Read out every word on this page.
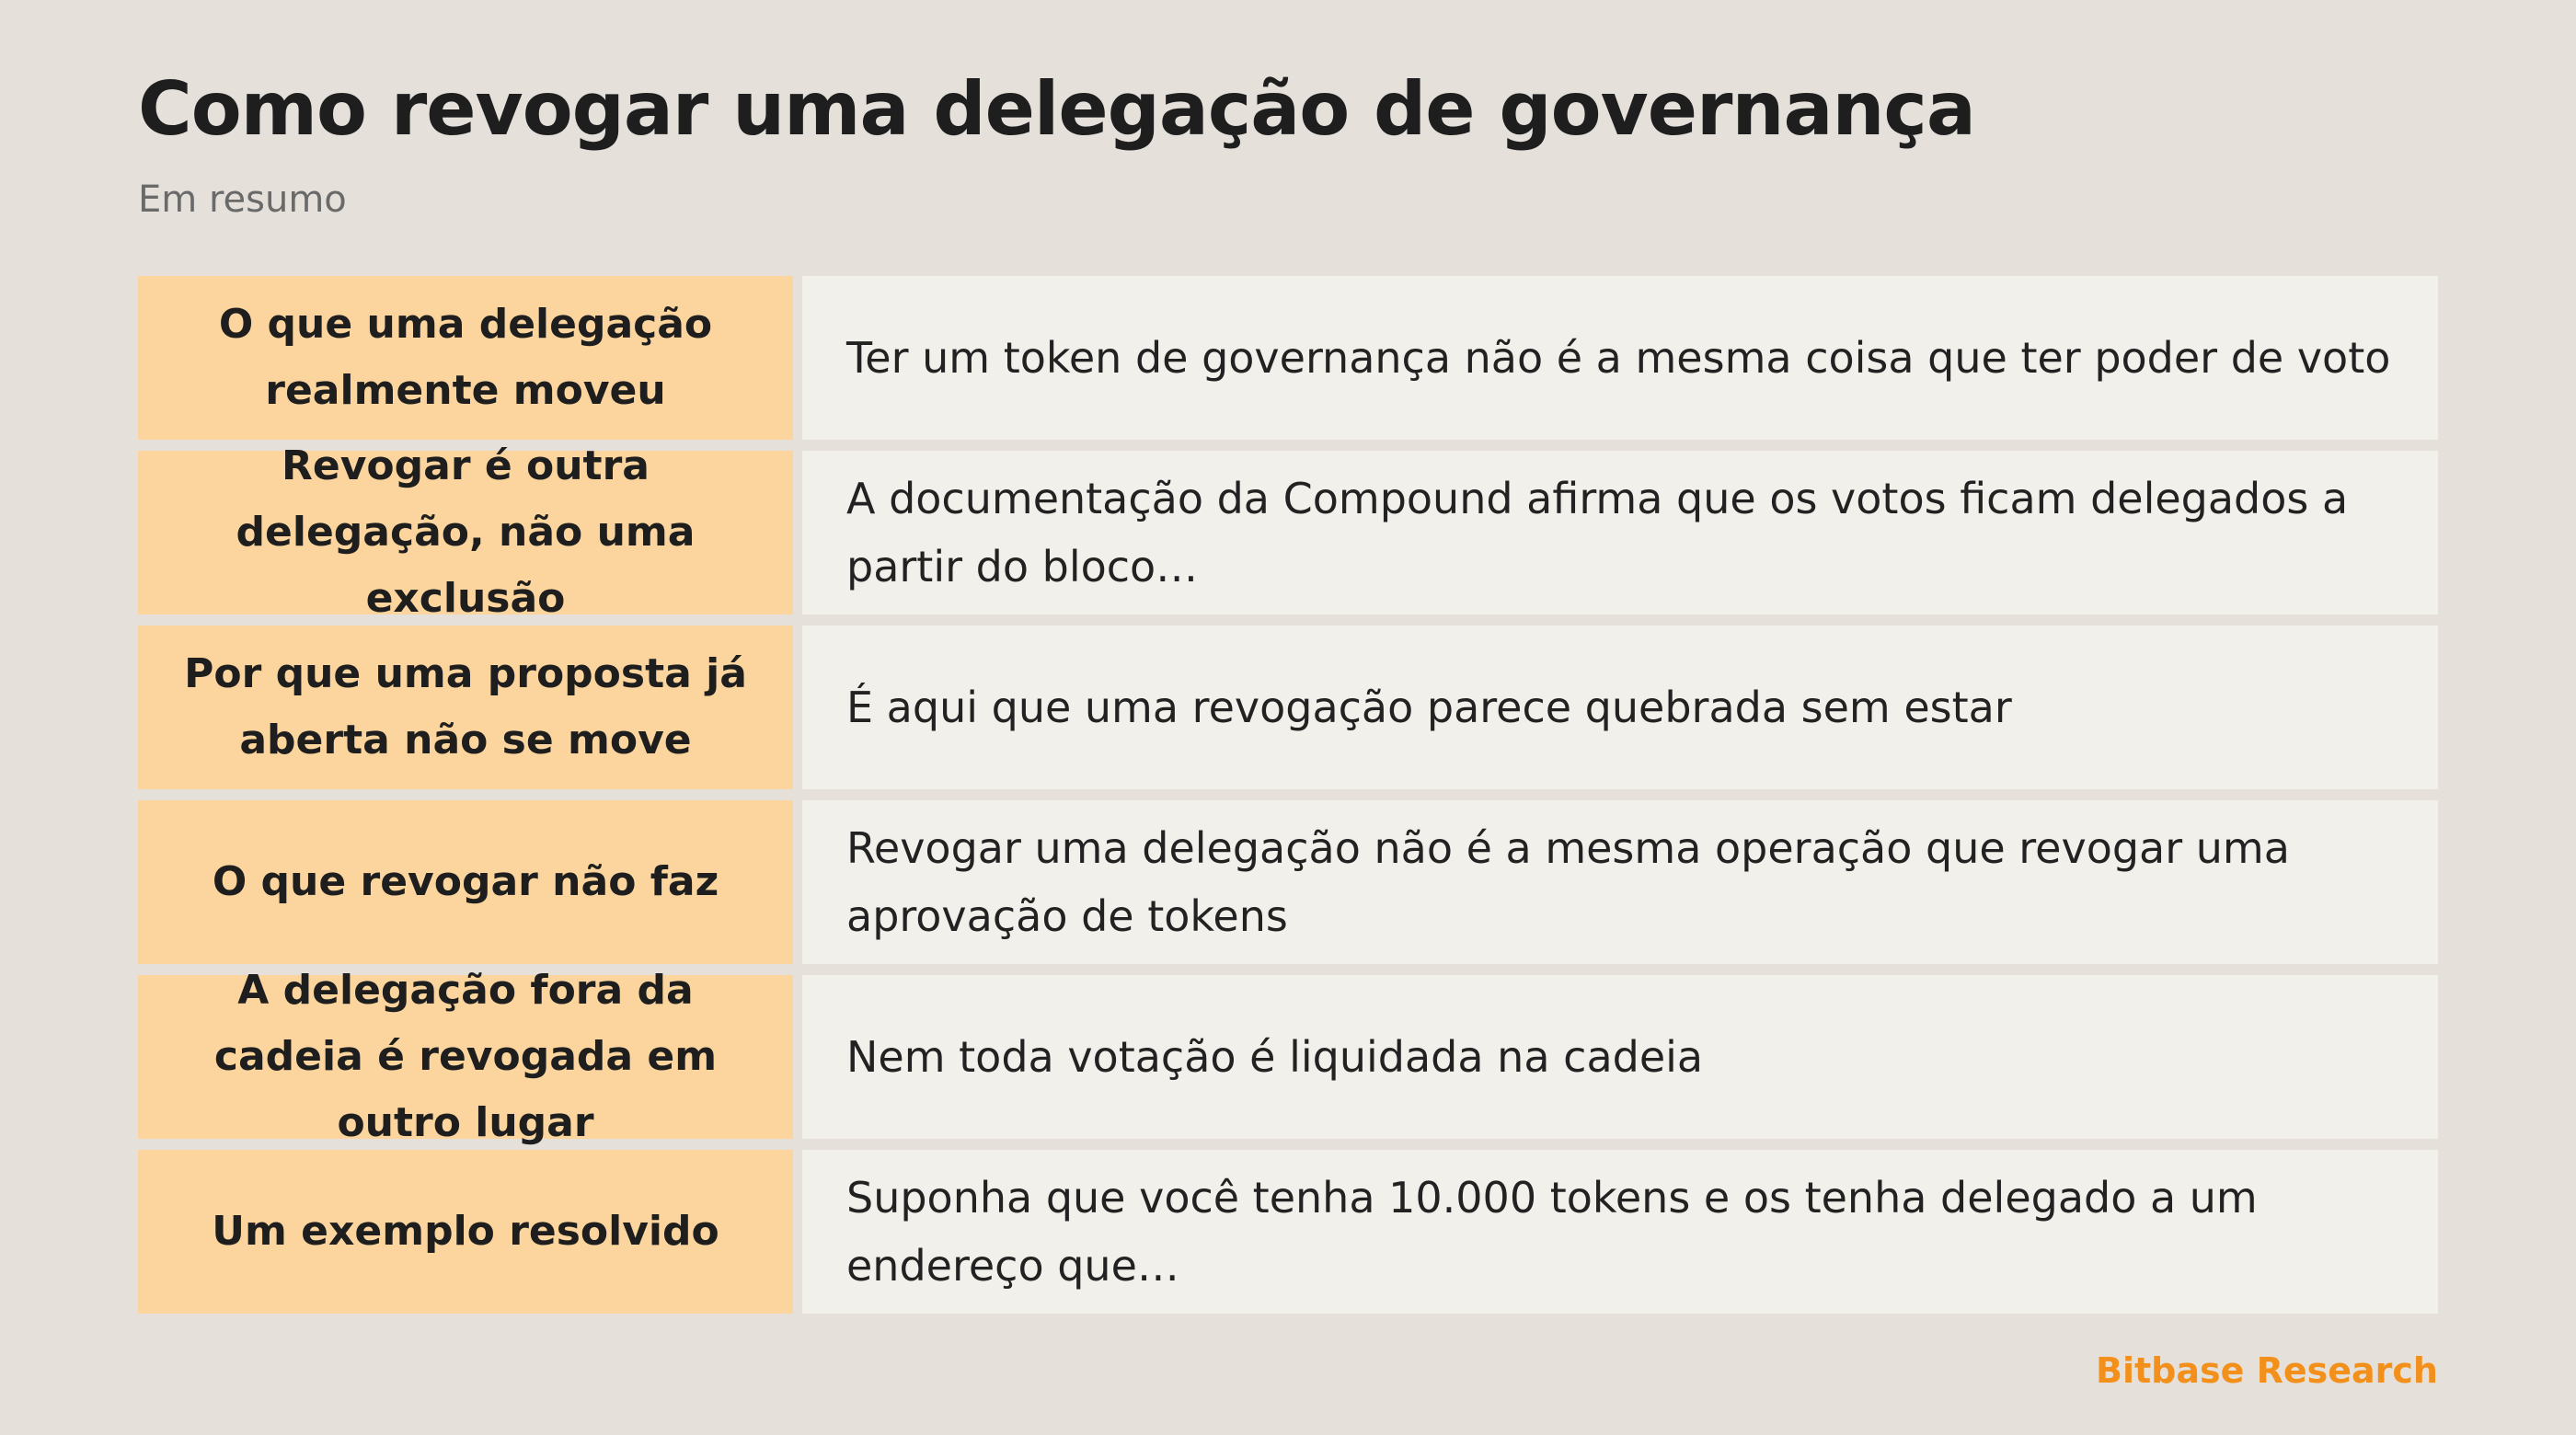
Como revogar uma delegação de governança
Em resumo
O que uma delegação realmente moveu
Ter um token de governança não é a mesma coisa que ter poder de voto
Revogar é outra delegação, não uma exclusão
A documentação da Compound afirma que os votos ficam delegados a partir do bloco…
Por que uma proposta já aberta não se move
É aqui que uma revogação parece quebrada sem estar
O que revogar não faz
Revogar uma delegação não é a mesma operação que revogar uma aprovação de tokens
A delegação fora da cadeia é revogada em outro lugar
Nem toda votação é liquidada na cadeia
Um exemplo resolvido
Suponha que você tenha 10.000 tokens e os tenha delegado a um endereço que…
Bitbase Research
